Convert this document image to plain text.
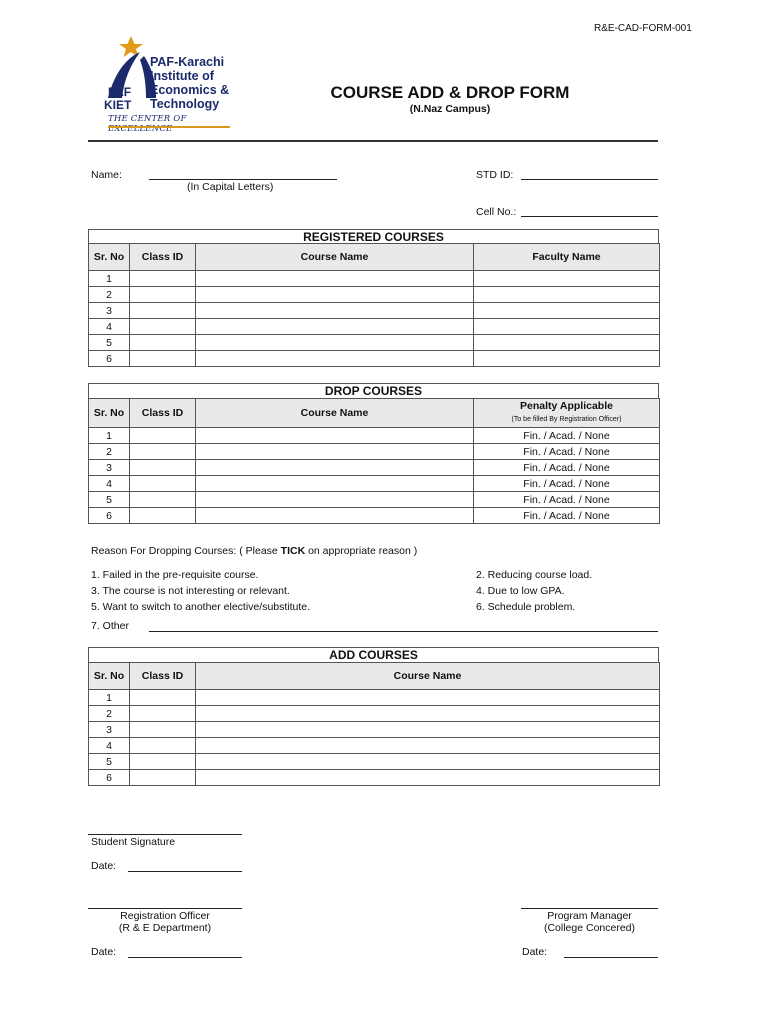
R&E-CAD-FORM-001
PAF
KIET
PAF-Karachi
Institute of
Economics &
Technology
THE CENTER OF EXCELLENCE
COURSE ADD & DROP FORM
(N.Naz Campus)
Name:
(In Capital Letters)
STD ID:
Cell No.:
REGISTERED COURSES
Sr. No	Class ID	Course Name	Faculty Name
1			
2			
3			
4			
5			
6			
DROP COURSES
Sr. No	Class ID	Course Name	Penalty Applicable
(To be filled By Registration Officer)

1			Fin. / Acad. / None
2			Fin. / Acad. / None
3			Fin. / Acad. / None
4			Fin. / Acad. / None
5			Fin. / Acad. / None
6			Fin. / Acad. / None
Reason For Dropping Courses: ( Please TICK on appropriate reason )
1. Failed in the pre-requisite course.	2. Reducing course load.
3. The course is not interesting or relevant.	4. Due to low GPA.
5. Want to switch to another elective/substitute.	6. Schedule problem.
7. Other
ADD COURSES
Sr. No	Class ID	Course Name
1		
2		
3		
4		
5		
6		
Student Signature
Date:
Registration Officer
(R & E Department)
Date:
Program Manager
(College Concered)
Date:
